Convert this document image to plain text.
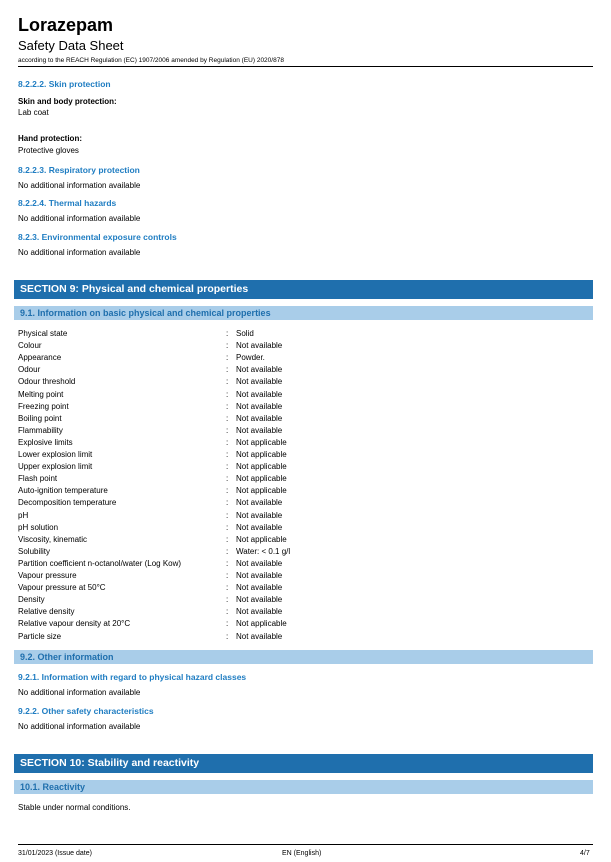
Lorazepam
Safety Data Sheet
according to the REACH Regulation (EC) 1907/2006 amended by Regulation (EU) 2020/878
8.2.2.2. Skin protection
Skin and body protection:
Lab coat
Hand protection:
Protective gloves
8.2.2.3. Respiratory protection
No additional information available
8.2.2.4. Thermal hazards
No additional information available
8.2.3. Environmental exposure controls
No additional information available
SECTION 9: Physical and chemical properties
9.1. Information on basic physical and chemical properties
Physical state	: Solid
Colour	: Not available
Appearance	: Powder.
Odour	: Not available
Odour threshold	: Not available
Melting point	: Not available
Freezing point	: Not available
Boiling point	: Not available
Flammability	: Not available
Explosive limits	: Not applicable
Lower explosion limit	: Not applicable
Upper explosion limit	: Not applicable
Flash point	: Not applicable
Auto-ignition temperature	: Not applicable
Decomposition temperature	: Not available
pH	: Not available
pH solution	: Not available
Viscosity, kinematic	: Not applicable
Solubility	: Water: < 0.1 g/l
Partition coefficient n-octanol/water (Log Kow)	: Not available
Vapour pressure	: Not available
Vapour pressure at 50°C	: Not available
Density	: Not available
Relative density	: Not available
Relative vapour density at 20°C	: Not applicable
Particle size	: Not available
9.2. Other information
9.2.1. Information with regard to physical hazard classes
No additional information available
9.2.2. Other safety characteristics
No additional information available
SECTION 10: Stability and reactivity
10.1. Reactivity
Stable under normal conditions.
31/01/2023 (Issue date)	EN (English)	4/7
